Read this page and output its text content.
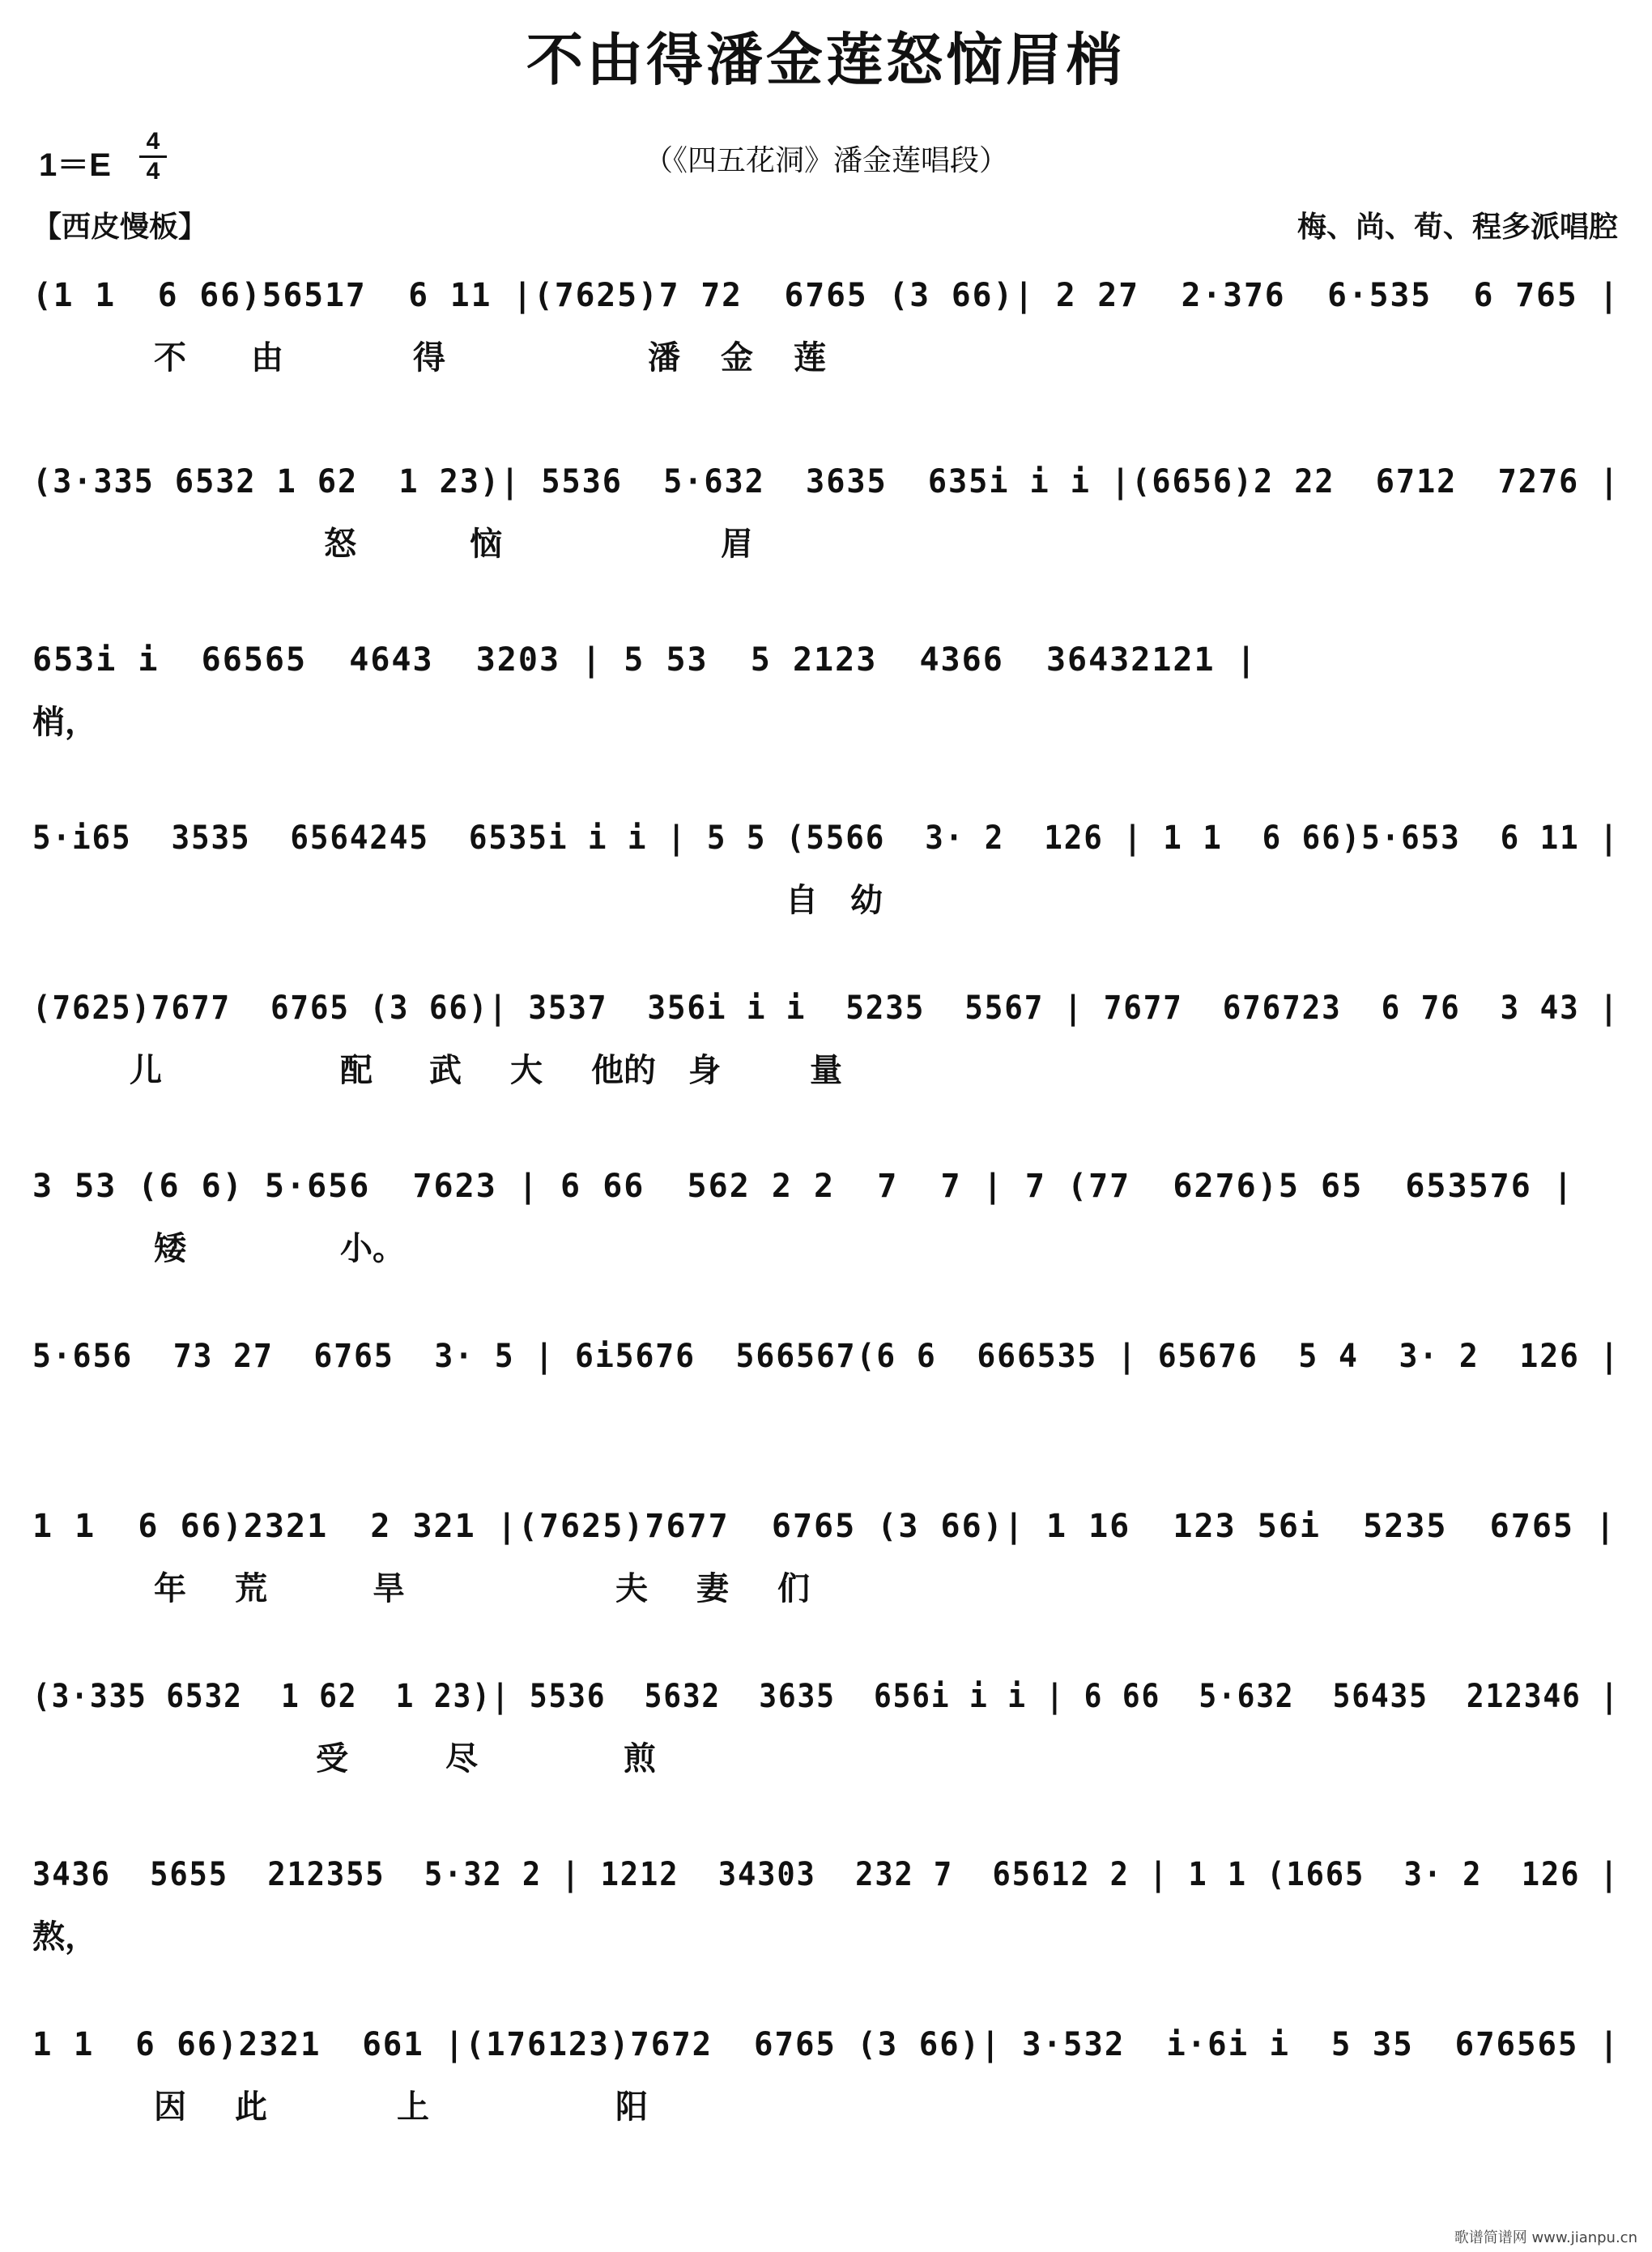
不由得潘金莲怒恼眉梢
1＝E
4
4	（《四五花洞》潘金莲唱段）
【西皮慢板】	梅、尚、荀、程多派唱腔
(1 1  6 66)56517  6 11 |(7625)7 72  6765 (3 66)| 2 27  2·376  6·535  6 765 |
不 由	得	潘 金 莲
(3·335 6532 1 62  1 23)| 5536  5·632  3635  635i i i |(6656)2 22  6712  7276 |
怒	恼	眉
653i i  66565  4643  3203 | 5 53  5 2123  4366  36432121 |
梢，
5·i65  3535  6564245  6535i i i | 5 5 (5566  3· 2  126 | 1 1  6 66)5·653  6 11 |
自 幼
(7625)7677  6765 (3 66)| 3537  356i i i  5235  5567 | 7677  676723  6 76  3 43 |
儿	配 武 大 他的 身	量
3 53 (6 6) 5·656  7623 | 6 66  562 2 2  7  7 | 7 (77  6276)5 65  653576 |
矮	小。
5·656  73 27  6765  3· 5 | 6i5676  566567(6 6  666535 | 65676  5 4  3· 2  126 |
1 1  6 66)2321  2 321 |(7625)7677  6765 (3 66)| 1 16  123 56i  5235  6765 |
年 荒	旱	夫 妻 们
(3·335 6532  1 62  1 23)| 5536  5632  3635  656i i i | 6 66  5·632  56435  212346 |
受	尽	煎
3436  5655  212355  5·32 2 | 1212  34303  232 7  65612 2 | 1 1 (1665  3· 2  126 |
熬，
1 1  6 66)2321  661 |(176123)7672  6765 (3 66)| 3·532  i·6i i  5 35  676565 |
因 此	上	阳
歌谱简谱网 www.jianpu.cn
